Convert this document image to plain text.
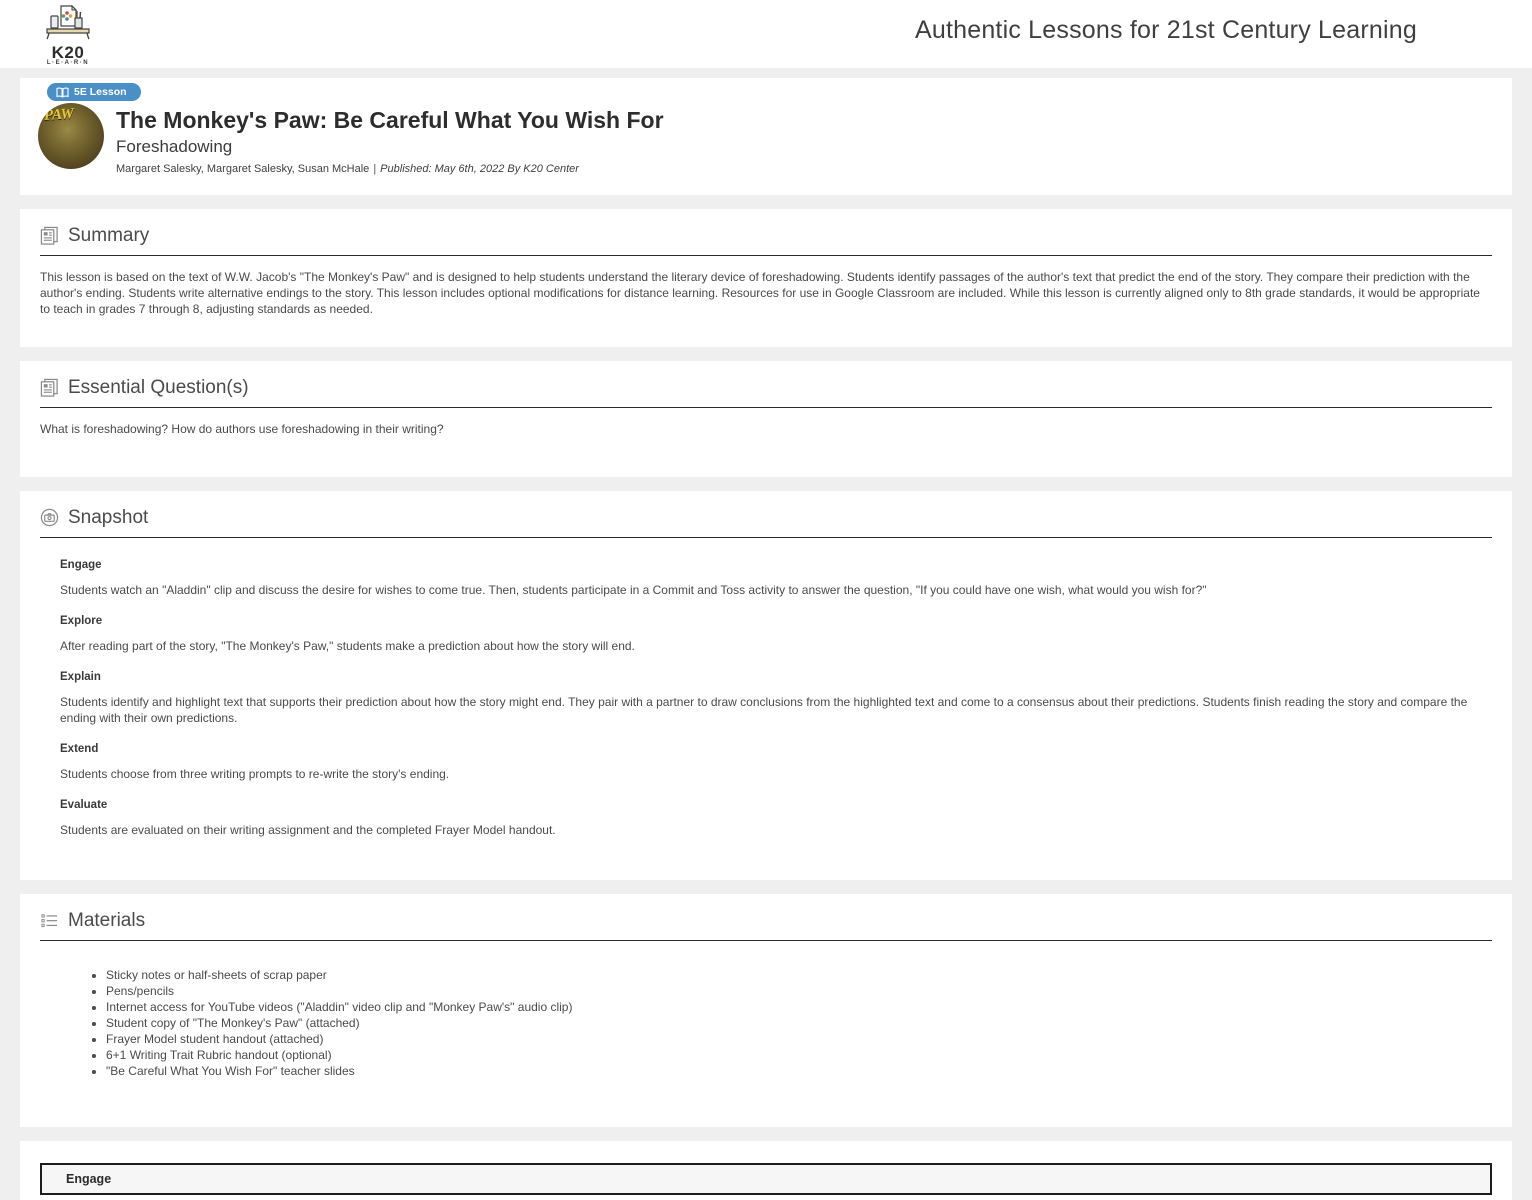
K20
L·E·A·R·N
Authentic Lessons for 21st Century Learning
5E Lesson
PAW The Monkey's Paw: Be Careful What You Wish For
Foreshadowing
Margaret Salesky, Margaret Salesky, Susan McHale | Published: May 6th, 2022 By K20 Center
Summary

This lesson is based on the text of W.W. Jacob's "The Monkey's Paw" and is designed to help students understand the literary device of foreshadowing. Students identify passages of the author's text that predict the end of the story. They compare their prediction with the author's ending. Students write alternative endings to the story. This lesson includes optional modifications for distance learning. Resources for use in Google Classroom are included. While this lesson is currently aligned only to 8th grade standards, it would be appropriate to teach in grades 7 through 8, adjusting standards as needed.

Essential Question(s)

What is foreshadowing? How do authors use foreshadowing in their writing?

Snapshot
Engage

Students watch an "Aladdin" clip and discuss the desire for wishes to come true. Then, students participate in a Commit and Toss activity to answer the question, "If you could have one wish, what would you wish for?"

Explore

After reading part of the story, "The Monkey's Paw," students make a prediction about how the story will end.

Explain

Students identify and highlight text that supports their prediction about how the story might end. They pair with a partner to draw conclusions from the highlighted text and come to a consensus about their predictions. Students finish reading the story and compare the ending with their own predictions.

Extend

Students choose from three writing prompts to re-write the story's ending.

Evaluate

Students are evaluated on their writing assignment and the completed Frayer Model handout.

Materials
• Sticky notes or half-sheets of scrap paper
• Pens/pencils
• Internet access for YouTube videos ("Aladdin" video clip and "Monkey Paw's" audio clip)
• Student copy of "The Monkey's Paw" (attached)
• Frayer Model student handout (attached)
• 6+1 Writing Trait Rubric handout (optional)
• "Be Careful What You Wish For" teacher slides
Engage
